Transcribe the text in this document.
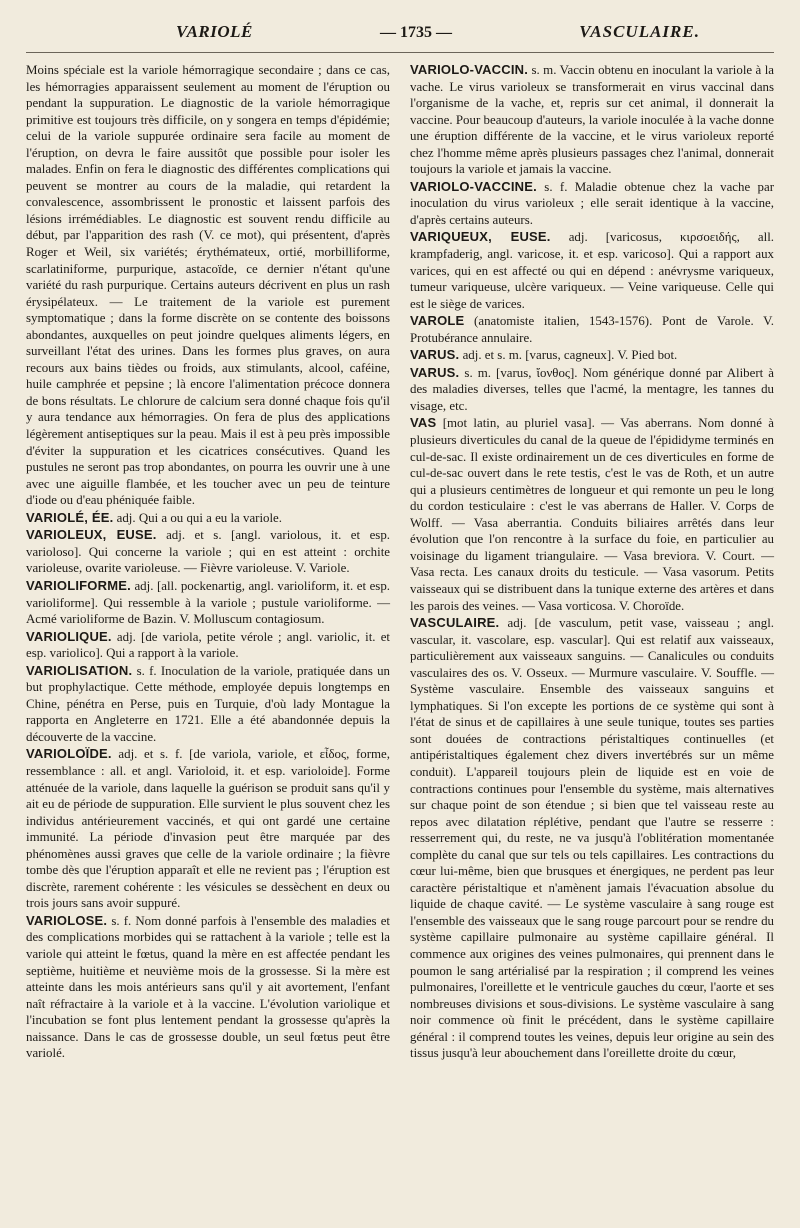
VARIOLÉ	— 1735 —	VASCULAIRE.

Moins spéciale est la variole hémorragique secondaire ; dans ce cas, les hémorragies apparaissent seulement au moment de l'éruption ou pendant la suppuration. Le diagnostic de la variole hémorragique primitive est toujours très difficile, on y songera en temps d'épidémie; celui de la variole suppurée ordinaire sera facile au moment de l'éruption, on devra le faire aussitôt que possible pour isoler les malades. Enfin on fera le diagnostic des différentes complications qui peuvent se montrer au cours de la maladie, qui retardent la convalescence, assombrissent le pronostic et laissent parfois des lésions irrémédiables. Le diagnostic est souvent rendu difficile au début, par l'apparition des rash (V. ce mot), qui présentent, d'après Roger et Weil, six variétés; érythémateux, ortié, morbilliforme, scarlatiniforme, purpurique, astacoïde, ce dernier n'étant qu'une variété du rash purpurique. Certains auteurs décrivent en plus un rash érysipélateux. — Le traitement de la variole est purement symptomatique ; dans la forme discrète on se contente des boissons abondantes, auxquelles on peut joindre quelques aliments légers, en surveillant l'état des urines. Dans les formes plus graves, on aura recours aux bains tièdes ou froids, aux stimulants, alcool, caféine, huile camphrée et pepsine ; là encore l'alimentation précoce donnera de bons résultats. Le chlorure de calcium sera donné chaque fois qu'il y aura tendance aux hémorragies. On fera de plus des applications légèrement antiseptiques sur la peau. Mais il est à peu près impossible d'éviter la suppuration et les cicatrices consécutives. Quand les pustules ne seront pas trop abondantes, on pourra les ouvrir une à une avec une aiguille flambée, et les toucher avec un peu de teinture d'iode ou d'eau phéniquée faible.

VARIOLÉ, ÉE. adj. Qui a ou qui a eu la variole.

VARIOLEUX, EUSE. adj. et s. [angl. variolous, it. et esp. varioloso]. Qui concerne la variole ; qui en est atteint : orchite varioleuse, ovarite varioleuse. — Fièvre varioleuse. V. Variole.

VARIOLIFORME. adj. [all. pockenartig, angl. varioliform, it. et esp. varioliforme]. Qui ressemble à la variole ; pustule varioliforme. — Acmé varioliforme de Bazin. V. Molluscum contagiosum.

VARIOLIQUE. adj. [de variola, petite vérole ; angl. variolic, it. et esp. variolico]. Qui a rapport à la variole.

VARIOLISATION. s. f. Inoculation de la variole, pratiquée dans un but prophylactique. Cette méthode, employée depuis longtemps en Chine, pénétra en Perse, puis en Turquie, d'où lady Montague la rapporta en Angleterre en 1721. Elle a été abandonnée depuis la découverte de la vaccine.

VARIOLOÏDE. adj. et s. f. [de variola, variole, et εἶδος, forme, ressemblance : all. et angl. Varioloid, it. et esp. varioloide]. Forme atténuée de la variole, dans laquelle la guérison se produit sans qu'il y ait eu de période de suppuration. Elle survient le plus souvent chez les individus antérieurement vaccinés, et qui ont gardé une certaine immunité. La période d'invasion peut être marquée par des phénomènes aussi graves que celle de la variole ordinaire ; la fièvre tombe dès que l'éruption apparaît et elle ne revient pas ; l'éruption est discrète, rarement cohérente : les vésicules se dessèchent en deux ou trois jours sans avoir suppuré.

VARIOLOSE. s. f. Nom donné parfois à l'ensemble des maladies et des complications morbides qui se rattachent à la variole ; telle est la variole qui atteint le fœtus, quand la mère en est affectée pendant les septième, huitième et neuvième mois de la grossesse. Si la mère est atteinte dans les mois antérieurs sans qu'il y ait avortement, l'enfant naît réfractaire à la variole et à la vaccine. L'évolution variolique et l'incubation se font plus lentement pendant la grossesse qu'après la naissance. Dans le cas de grossesse double, un seul fœtus peut être variolé.

VARIOLO-VACCIN. s. m. Vaccin obtenu en inoculant la variole à la vache. Le virus varioleux se transformerait en virus vaccinal dans l'organisme de la vache, et, repris sur cet animal, il donnerait la vaccine. Pour beaucoup d'auteurs, la variole inoculée à la vache donne une éruption différente de la vaccine, et le virus varioleux reporté chez l'homme même après plusieurs passages chez l'animal, donnerait toujours la variole et jamais la vaccine.

VARIOLO-VACCINE. s. f. Maladie obtenue chez la vache par inoculation du virus varioleux ; elle serait identique à la vaccine, d'après certains auteurs.

VARIQUEUX, EUSE. adj. [varicosus, κιρσοειδής, all. krampfaderig, angl. varicose, it. et esp. varicoso]. Qui a rapport aux varices, qui en est affecté ou qui en dépend : anévrysme variqueux, tumeur variqueuse, ulcère variqueux. — Veine variqueuse. Celle qui est le siège de varices.

VAROLE (anatomiste italien, 1543-1576). Pont de Varole. V. Protubérance annulaire.

VARUS. adj. et s. m. [varus, cagneux]. V. Pied bot.

VARUS. s. m. [varus, ἴονθος]. Nom générique donné par Alibert à des maladies diverses, telles que l'acmé, la mentagre, les tannes du visage, etc.

VAS [mot latin, au pluriel vasa]. — Vas aberrans. Nom donné à plusieurs diverticules du canal de la queue de l'épididyme terminés en cul-de-sac. Il existe ordinairement un de ces diverticules en forme de cul-de-sac ouvert dans le rete testis, c'est le vas de Roth, et un autre qui a plusieurs centimètres de longueur et qui remonte un peu le long du cordon testiculaire : c'est le vas aberrans de Haller. V. Corps de Wolff. — Vasa aberrantia. Conduits biliaires arrêtés dans leur évolution que l'on rencontre à la surface du foie, en particulier au voisinage du ligament triangulaire. — Vasa breviora. V. Court. — Vasa recta. Les canaux droits du testicule. — Vasa vasorum. Petits vaisseaux qui se distribuent dans la tunique externe des artères et dans les parois des veines. — Vasa vorticosa. V. Choroïde.

VASCULAIRE. adj. [de vasculum, petit vase, vaisseau ; angl. vascular, it. vascolare, esp. vascular]. Qui est relatif aux vaisseaux, particulièrement aux vaisseaux sanguins. — Canalicules ou conduits vasculaires des os. V. Osseux. — Murmure vasculaire. V. Souffle. — Système vasculaire. Ensemble des vaisseaux sanguins et lymphatiques. Si l'on excepte les portions de ce système qui sont à l'état de sinus et de capillaires à une seule tunique, toutes ses parties sont douées de contractions péristaltiques continuelles (et antipéristaltiques également chez divers invertébrés sur un même conduit). L'appareil toujours plein de liquide est en voie de contractions continues pour l'ensemble du système, mais alternatives sur chaque point de son étendue ; si bien que tel vaisseau reste au repos avec dilatation réplétive, pendant que l'autre se resserre : resserrement qui, du reste, ne va jusqu'à l'oblitération momentanée complète du canal que sur tels ou tels capillaires. Les contractions du cœur lui-même, bien que brusques et énergiques, ne perdent pas leur caractère péristaltique et n'amènent jamais l'évacuation absolue du liquide de chaque cavité. — Le système vasculaire à sang rouge est l'ensemble des vaisseaux que le sang rouge parcourt pour se rendre du système capillaire pulmonaire au système capillaire général. Il commence aux origines des veines pulmonaires, qui prennent dans le poumon le sang artérialisé par la respiration ; il comprend les veines pulmonaires, l'oreillette et le ventricule gauches du cœur, l'aorte et ses nombreuses divisions et sous-divisions. Le système vasculaire à sang noir commence où finit le précédent, dans le système capillaire général : il comprend toutes les veines, depuis leur origine au sein des tissus jusqu'à leur abouchement dans l'oreillette droite du cœur,
